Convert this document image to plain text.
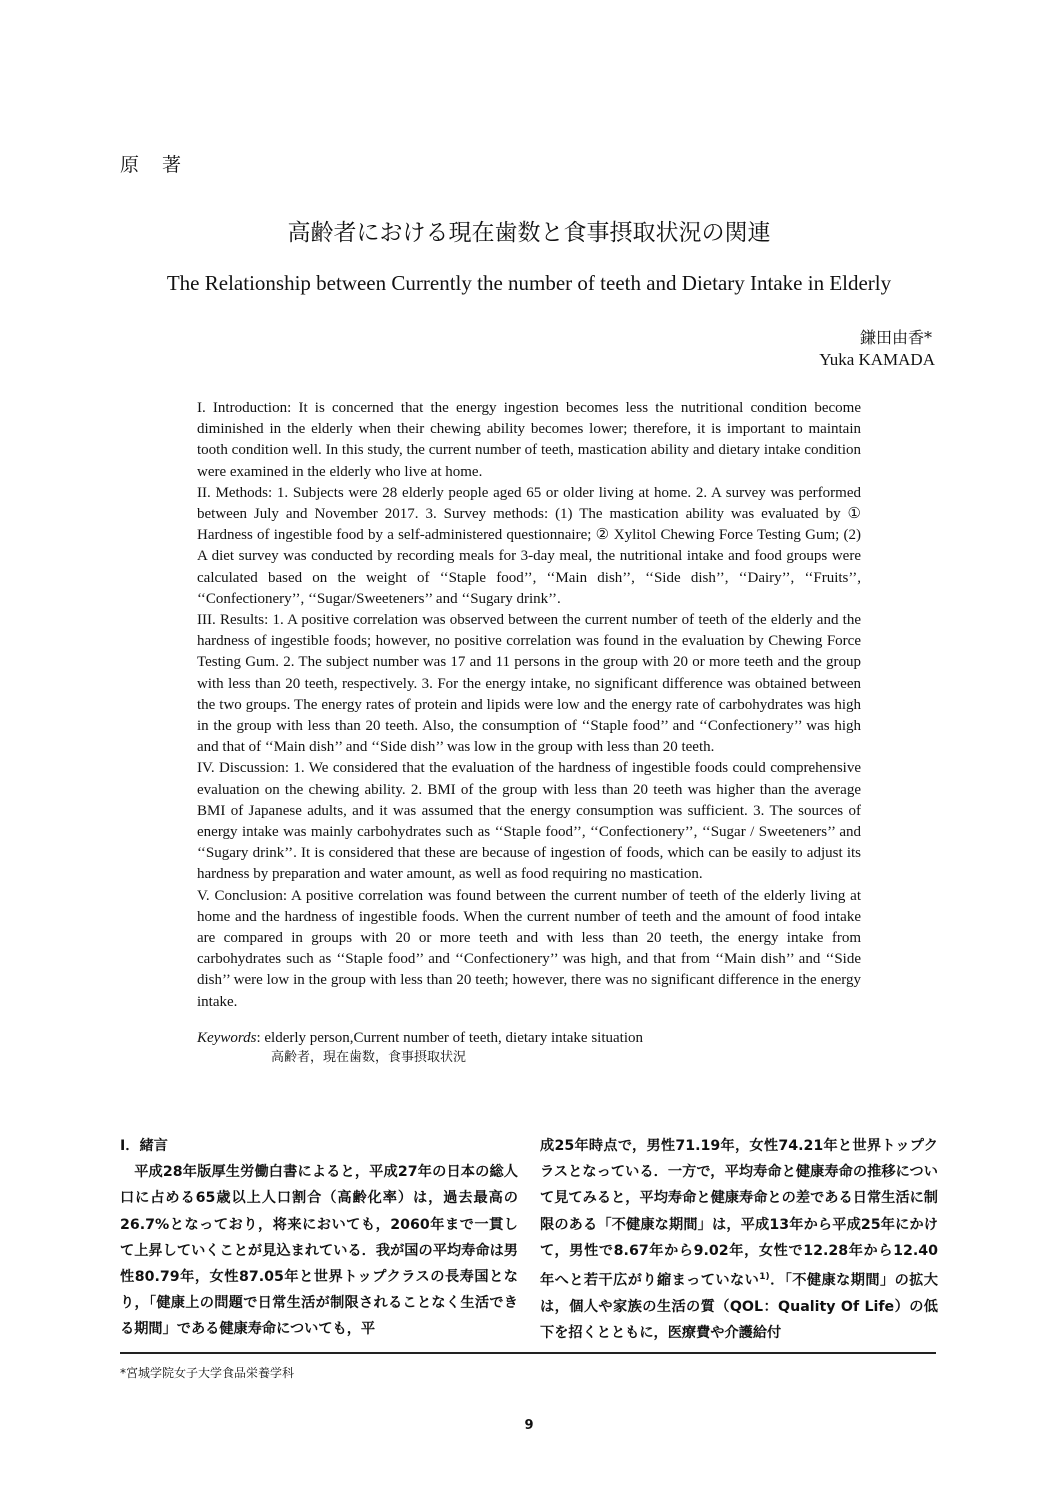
原　著
高齢者における現在歯数と食事摂取状況の関連
The Relationship between Currently the number of teeth and Dietary Intake in Elderly
鎌田由香*
Yuka KAMADA

I. Introduction: It is concerned that the energy ingestion becomes less the nutritional condition become diminished in the elderly when their chewing ability becomes lower; therefore, it is important to maintain tooth condition well. In this study, the current number of teeth, mastication ability and dietary intake condition were examined in the elderly who live at home.

II. Methods: 1. Subjects were 28 elderly people aged 65 or older living at home. 2. A survey was performed between July and November 2017. 3. Survey methods: (1) The mastication ability was evaluated by ① Hardness of ingestible food by a self-administered questionnaire; ② Xylitol Chewing Force Testing Gum; (2) A diet survey was conducted by recording meals for 3-day meal, the nutritional intake and food groups were calculated based on the weight of ‘‘Staple food’’, ‘‘Main dish’’, ‘‘Side dish’’, ‘‘Dairy’’, ‘‘Fruits’’, ‘‘Confectionery’’, ‘‘Sugar/Sweeteners’’ and ‘‘Sugary drink’’.

III. Results: 1. A positive correlation was observed between the current number of teeth of the elderly and the hardness of ingestible foods; however, no positive correlation was found in the evaluation by Chewing Force Testing Gum. 2. The subject number was 17 and 11 persons in the group with 20 or more teeth and the group with less than 20 teeth, respectively. 3. For the energy intake, no significant difference was obtained between the two groups. The energy rates of protein and lipids were low and the energy rate of carbohydrates was high in the group with less than 20 teeth. Also, the consumption of ‘‘Staple food’’ and ‘‘Confectionery’’ was high and that of ‘‘Main dish’’ and ‘‘Side dish’’ was low in the group with less than 20 teeth.

IV. Discussion: 1. We considered that the evaluation of the hardness of ingestible foods could comprehensive evaluation on the chewing ability. 2. BMI of the group with less than 20 teeth was higher than the average BMI of Japanese adults, and it was assumed that the energy consumption was sufficient. 3. The sources of energy intake was mainly carbohydrates such as ‘‘Staple food’’, ‘‘Confectionery’’, ‘‘Sugar / Sweeteners’’ and ‘‘Sugary drink’’. It is considered that these are because of ingestion of foods, which can be easily to adjust its hardness by preparation and water amount, as well as food requiring no mastication.

V. Conclusion: A positive correlation was found between the current number of teeth of the elderly living at home and the hardness of ingestible foods. When the current number of teeth and the amount of food intake are compared in groups with 20 or more teeth and with less than 20 teeth, the energy intake from carbohydrates such as ‘‘Staple food’’ and ‘‘Confectionery’’ was high, and that from ‘‘Main dish’’ and ‘‘Side dish’’ were low in the group with less than 20 teeth; however, there was no significant difference in the energy intake.

Keywords: elderly person,Current number of teeth, dietary intake situation
高齢者，現在歯数，食事摂取状況

Ⅰ．緒言

平成28年版厚生労働白書によると，平成27年の日本の総人口に占める65歳以上人口割合（高齢化率）は，過去最高の26.7%となっており，将来においても，2060年まで一貫して上昇していくことが見込まれている．我が国の平均寿命は男性80.79年，女性87.05年と世界トップクラスの長寿国となり，「健康上の問題で日常生活が制限されることなく生活できる期間」である健康寿命についても，平

成25年時点で，男性71.19年，女性74.21年と世界トップクラスとなっている．一方で，平均寿命と健康寿命の推移について見てみると，平均寿命と健康寿命との差である日常生活に制限のある「不健康な期間」は，平成13年から平成25年にかけて，男性で8.67年から9.02年，女性で12.28年から12.40年へと若干広がり縮まっていない$^{1)}$．「不健康な期間」の拡大は，個人や家族の生活の質（QOL：Quality Of Life）の低下を招くとともに，医療費や介護給付

*宮城学院女子大学食品栄養学科
9
